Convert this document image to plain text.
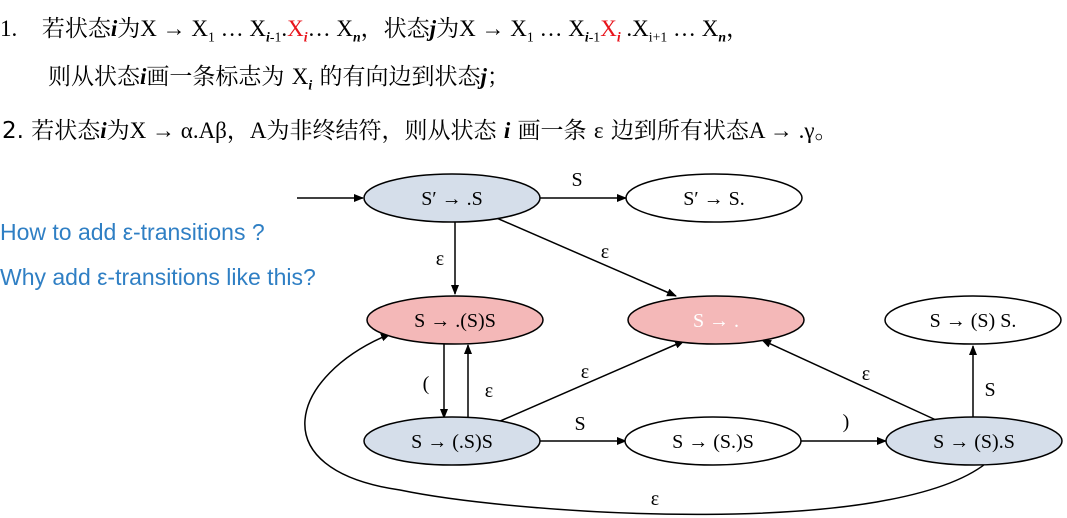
1. 若状态i为$X \to X_1$ … $X_{i-1}.X_i\dots$ $X_n$，状态j为$X \to X_1$ … $X_{i-1}X_i$ $.X_{i+1}$ … $X_n$，
则从状态i画一条标志为 $X_i$ 的有向边到状态j；
2. 若状态i为X → α.Aβ，A为非终结符，则从状态 i 画一条 ε 边到所有状态A → .γ。
How to add ε-transitions ?
Why add ε-transitions like this?
S
ε	ε
(	ε
ε
S	)
ε
S
ε
S′ → .S	S′ → S.
S → .(S)S	S → .	S → (S) S.
S → (.S)S	S → (S.)S	S → (S).S
